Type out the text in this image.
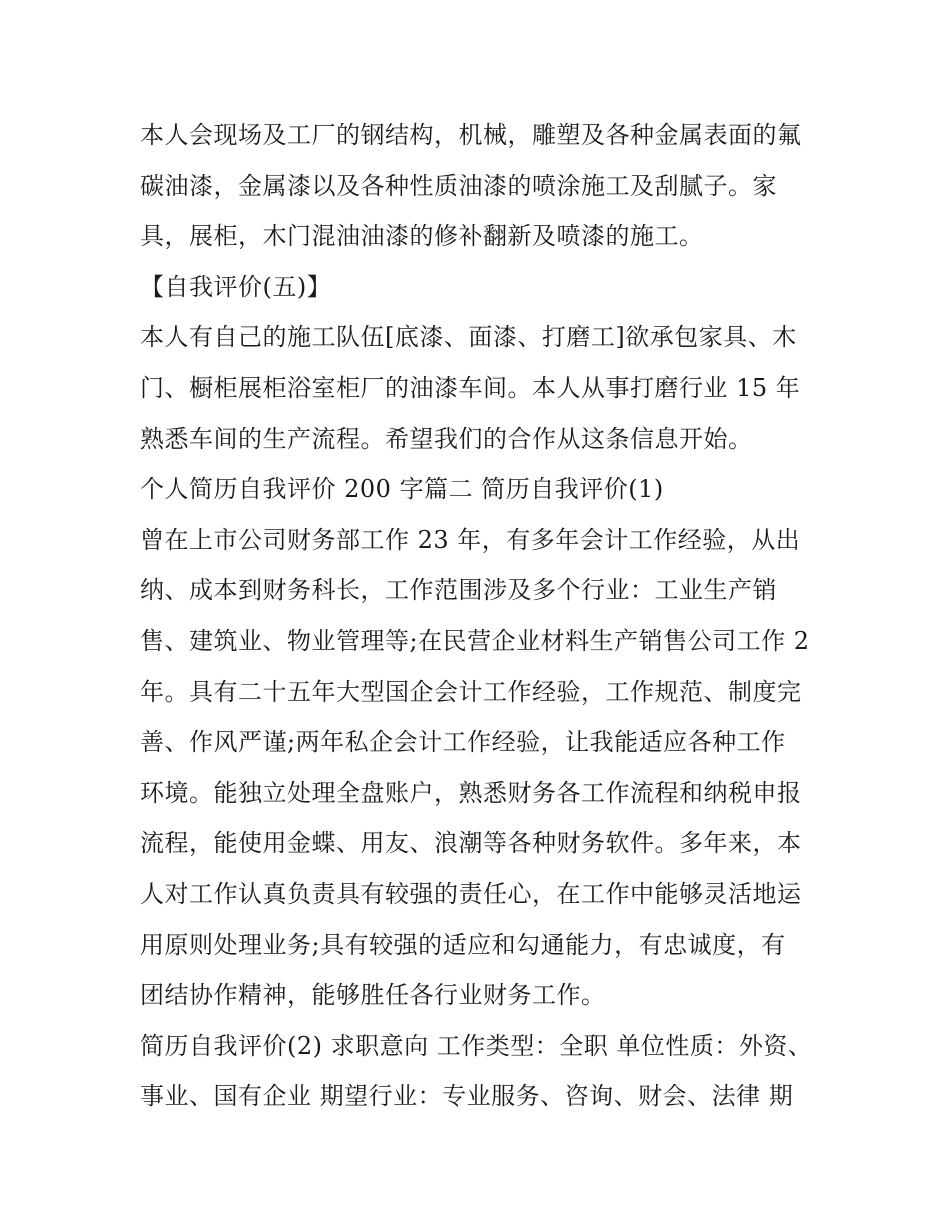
本人会现场及工厂的钢结构，机械，雕塑及各种金属表面的氟
碳油漆，金属漆以及各种性质油漆的喷涂施工及刮腻子。家
具，展柜，木门混油油漆的修补翻新及喷漆的施工。
【自我评价(五)】
本人有自己的施工队伍[底漆、面漆、打磨工]欲承包家具、木
门、橱柜展柜浴室柜厂的油漆车间。本人从事打磨行业 15 年
熟悉车间的生产流程。希望我们的合作从这条信息开始。
个人简历自我评价 200 字篇二 简历自我评价(1)
曾在上市公司财务部工作 23 年，有多年会计工作经验，从出
纳、成本到财务科长，工作范围涉及多个行业：工业生产销
售、建筑业、物业管理等;在民营企业材料生产销售公司工作 2
年。具有二十五年大型国企会计工作经验，工作规范、制度完
善、作风严谨;两年私企会计工作经验，让我能适应各种工作
环境。能独立处理全盘账户，熟悉财务各工作流程和纳税申报
流程，能使用金蝶、用友、浪潮等各种财务软件。多年来，本
人对工作认真负责具有较强的责任心，在工作中能够灵活地运
用原则处理业务;具有较强的适应和勾通能力，有忠诚度，有
团结协作精神，能够胜任各行业财务工作。
简历自我评价(2) 求职意向 工作类型：全职 单位性质：外资、
事业、国有企业 期望行业：专业服务、咨询、财会、法律 期
